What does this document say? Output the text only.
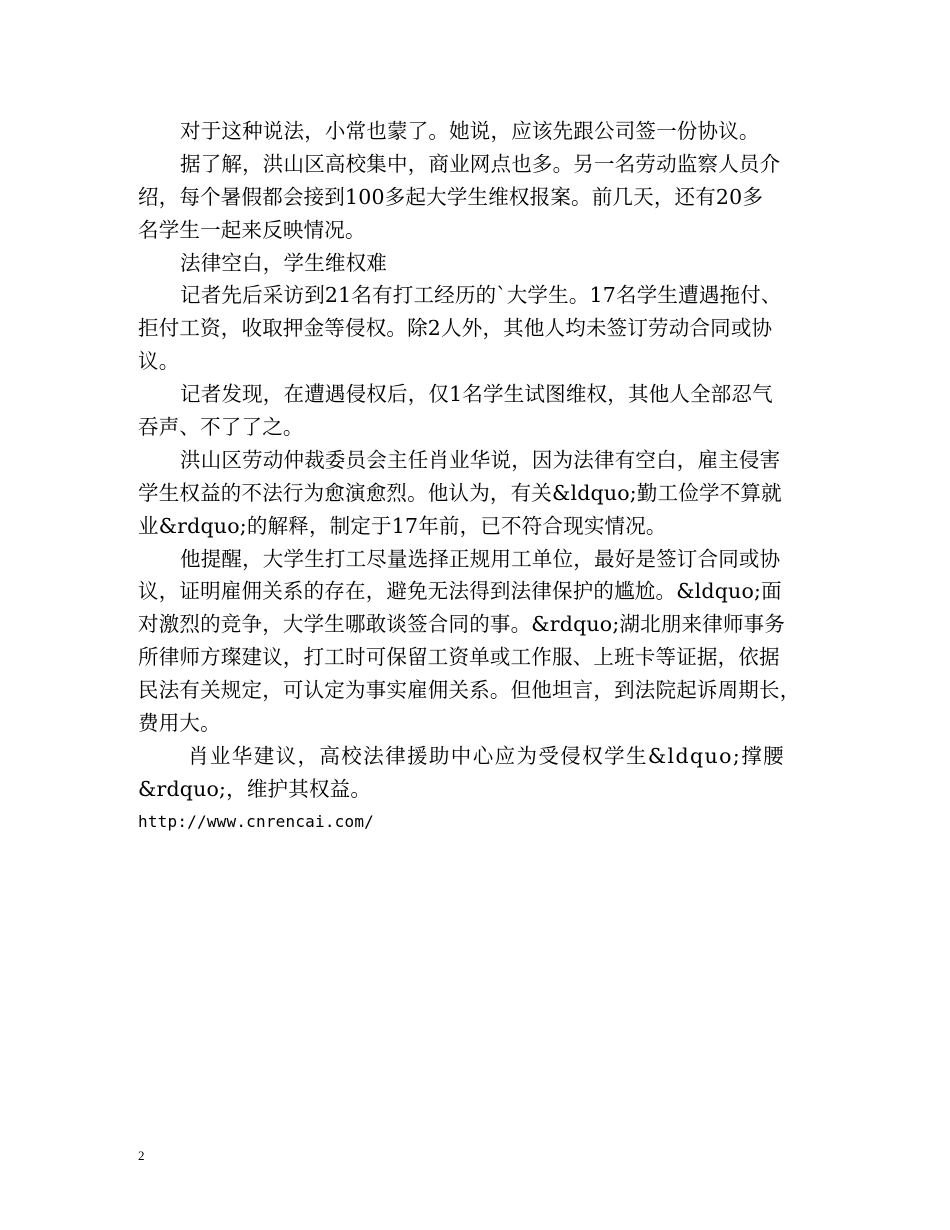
对于这种说法，小常也蒙了。她说，应该先跟公司签一份协议。
据了解，洪山区高校集中，商业网点也多。另一名劳动监察人员介
绍，每个暑假都会接到100多起大学生维权报案。前几天，还有20多
名学生一起来反映情况。
法律空白，学生维权难
记者先后采访到21名有打工经历的`大学生。17名学生遭遇拖付、
拒付工资，收取押金等侵权。除2人外，其他人均未签订劳动合同或协
议。
记者发现，在遭遇侵权后，仅1名学生试图维权，其他人全部忍气
吞声、不了了之。
洪山区劳动仲裁委员会主任肖业华说，因为法律有空白，雇主侵害
学生权益的不法行为愈演愈烈。他认为，有关&ldquo;勤工俭学不算就
业&rdquo;的解释，制定于17年前，已不符合现实情况。
他提醒，大学生打工尽量选择正规用工单位，最好是签订合同或协
议，证明雇佣关系的存在，避免无法得到法律保护的尴尬。&ldquo;面
对激烈的竞争，大学生哪敢谈签合同的事。&rdquo;湖北朋来律师事务
所律师方璨建议，打工时可保留工资单或工作服、上班卡等证据，依据
民法有关规定，可认定为事实雇佣关系。但他坦言，到法院起诉周期长，
费用大。
肖业华建议，高校法律援助中心应为受侵权学生&ldquo;撑腰
&rdquo;，维护其权益。
http://www.cnrencai.com/
2
